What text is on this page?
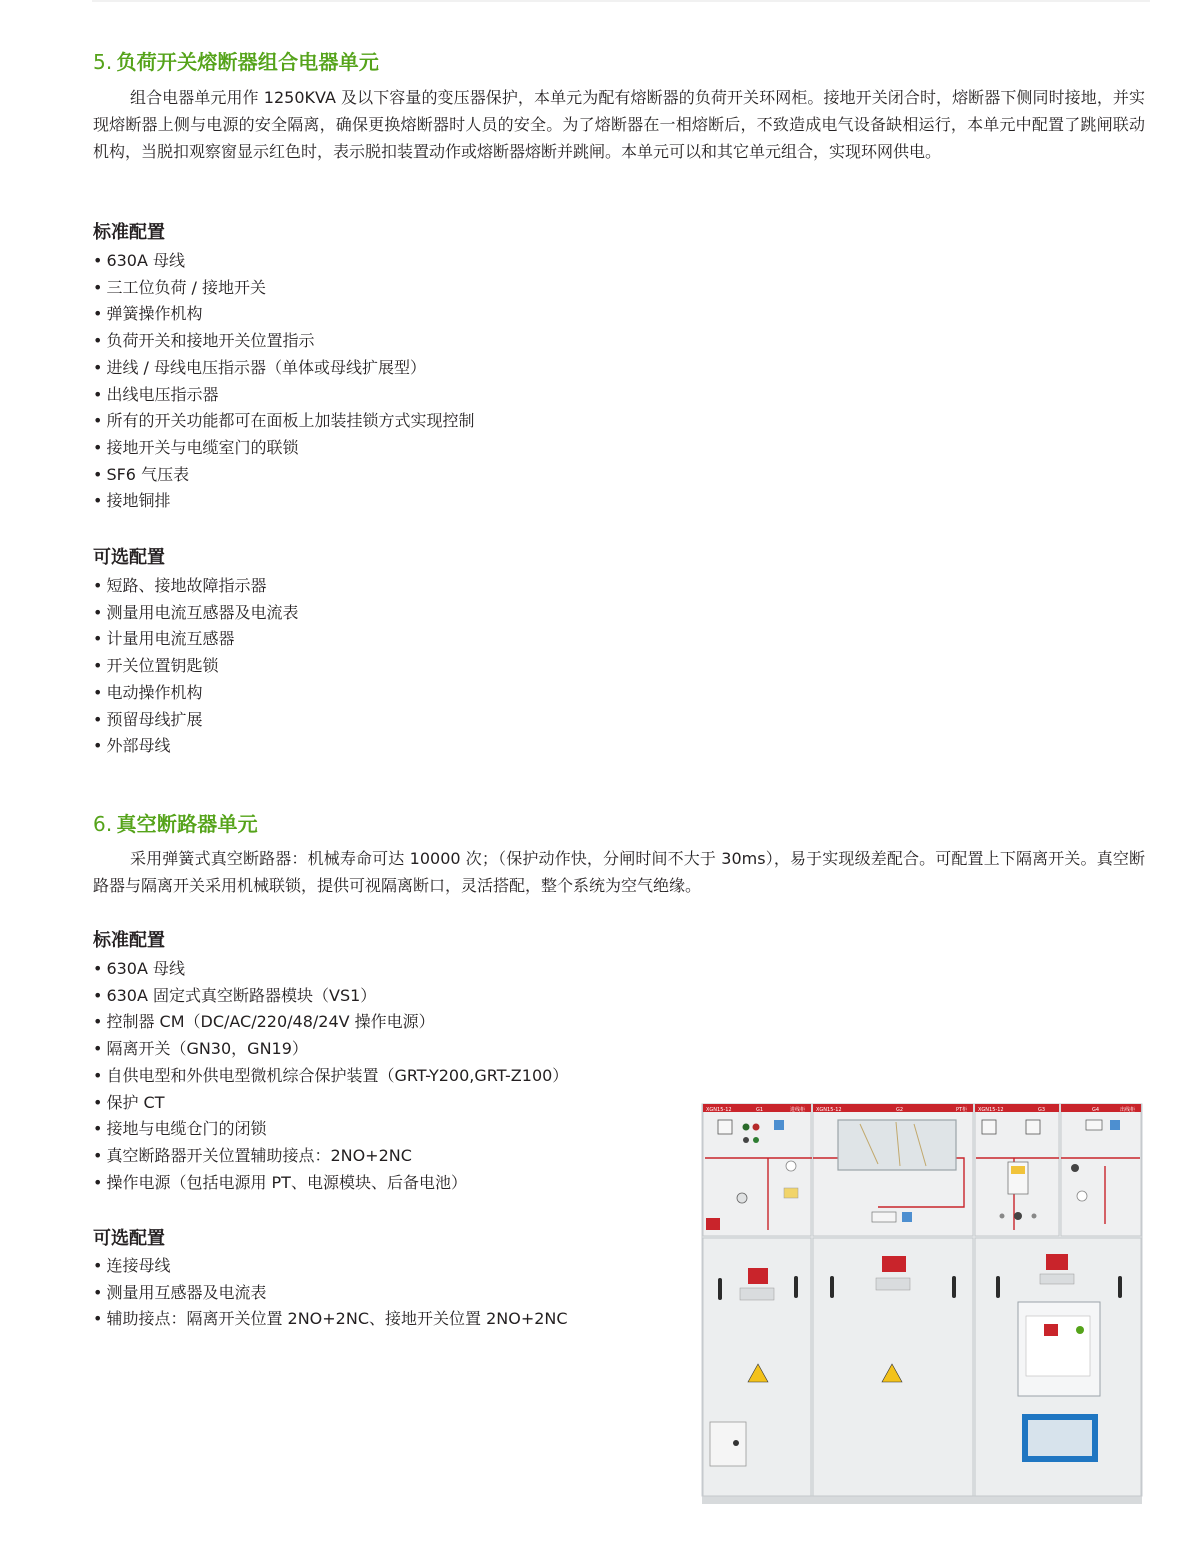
5. 负荷开关熔断器组合电器单元

组合电器单元用作 1250KVA 及以下容量的变压器保护，本单元为配有熔断器的负荷开关环网柜。接地开关闭合时，熔断器下侧同时接地，并实现熔断器上侧与电源的安全隔离，确保更换熔断器时人员的安全。为了熔断器在一相熔断后，不致造成电气设备缺相运行，本单元中配置了跳闸联动机构，当脱扣观察窗显示红色时，表示脱扣装置动作或熔断器熔断并跳闸。本单元可以和其它单元组合，实现环网供电。

标准配置
• 630A 母线
• 三工位负荷 / 接地开关
• 弹簧操作机构
• 负荷开关和接地开关位置指示
• 进线 / 母线电压指示器（单体或母线扩展型）
• 出线电压指示器
• 所有的开关功能都可在面板上加装挂锁方式实现控制
• 接地开关与电缆室门的联锁
• SF6 气压表
• 接地铜排
可选配置
• 短路、接地故障指示器
• 测量用电流互感器及电流表
• 计量用电流互感器
• 开关位置钥匙锁
• 电动操作机构
• 预留母线扩展
• 外部母线
6. 真空断路器单元

采用弹簧式真空断路器：机械寿命可达 10000 次；（保护动作快，分闸时间不大于 30ms），易于实现级差配合。可配置上下隔离开关。真空断路器与隔离开关采用机械联锁，提供可视隔离断口，灵活搭配，整个系统为空气绝缘。

标准配置
• 630A 母线
• 630A 固定式真空断路器模块（VS1）
• 控制器 CM（DC/AC/220/48/24V 操作电源）
• 隔离开关（GN30，GN19）
• 自供电型和外供电型微机综合保护装置（GRT-Y200,GRT-Z100）
• 保护 CT
• 接地与电缆仓门的闭锁
• 真空断路器开关位置辅助接点：2NO+2NC
• 操作电源（包括电源用 PT、电源模块、后备电池）
可选配置
• 连接母线
• 测量用互感器及电流表
• 辅助接点：隔离开关位置 2NO+2NC、接地开关位置 2NO+2NC
XGN15-12	G1	进线柜 XGN15-12	G2	PT柜 XGN15-12	G3	G4	出线柜
